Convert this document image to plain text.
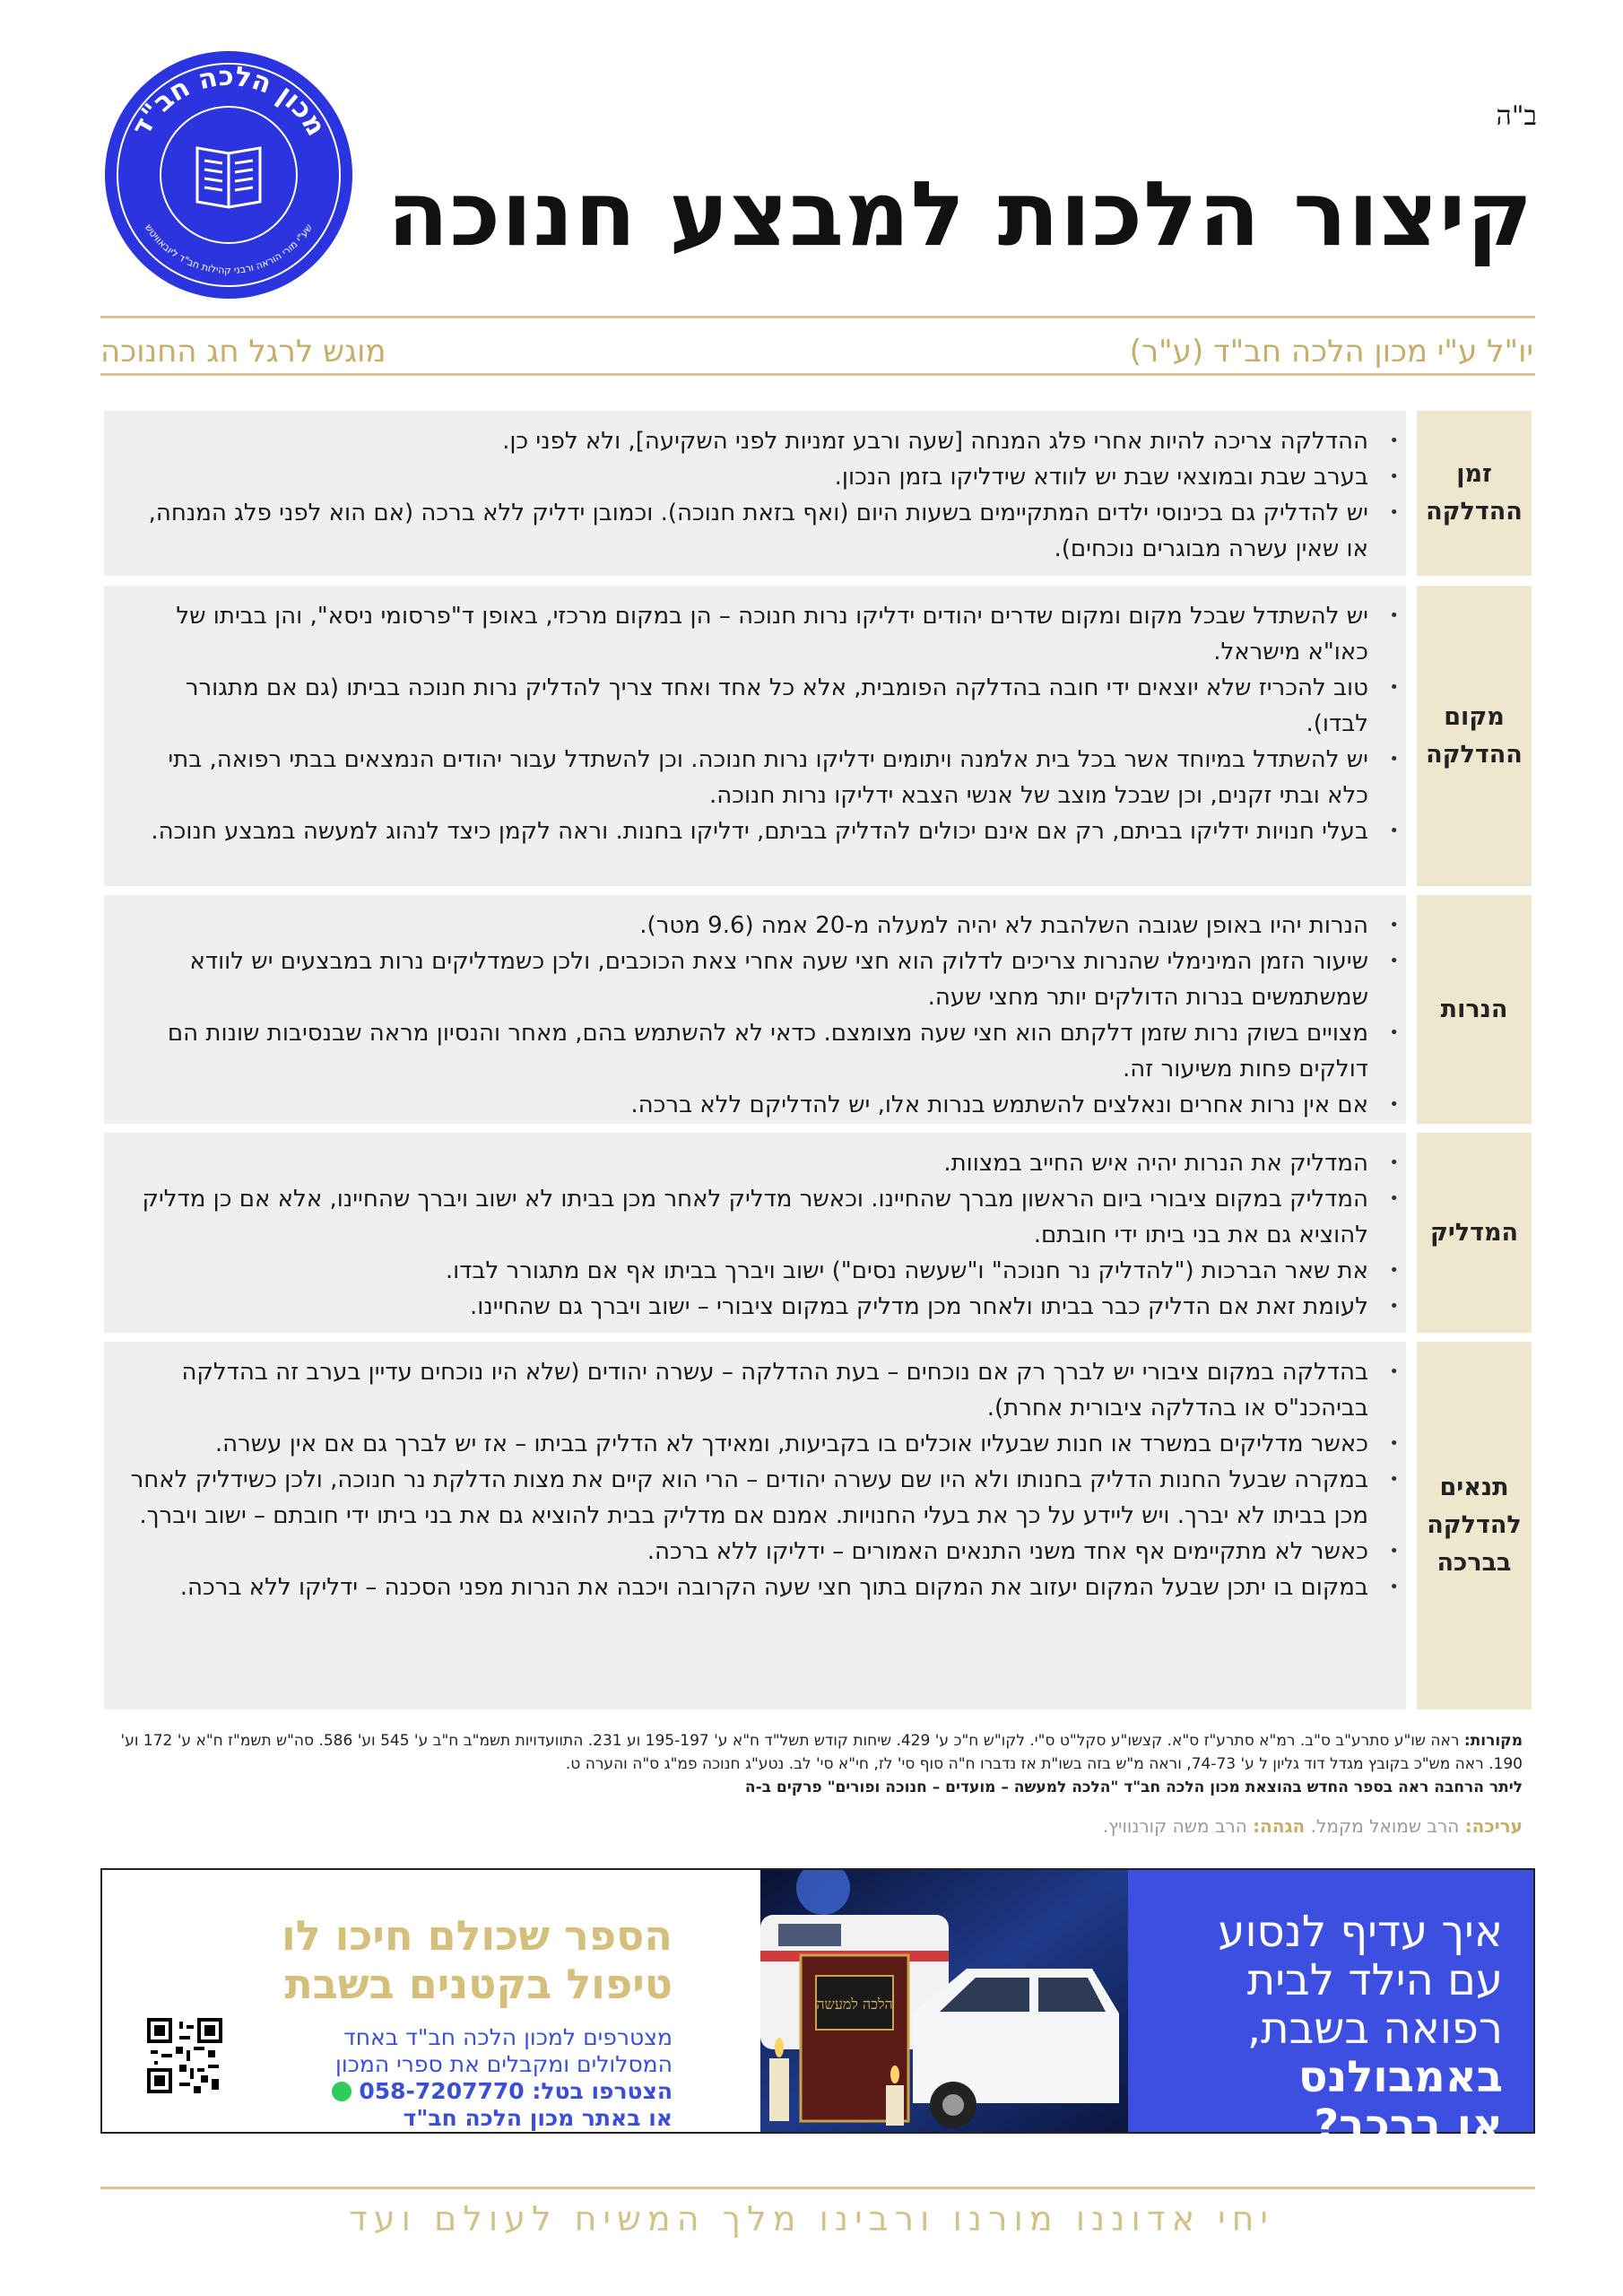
ב"ה
קיצור הלכות למבצע חנוכה
מכון הלכה חב"ד
שע"י מורי הוראה ורבני קהילות חב"ד ליובאוויטש
יו"ל ע"י מכון הלכה חב"ד (ע"ר)
מוגש לרגל חג החנוכה
זמן
ההדלקה
• ההדלקה צריכה להיות אחרי פלג המנחה [שעה ורבע זמניות לפני השקיעה], ולא לפני כן.
• בערב שבת ובמוצאי שבת יש לוודא שידליקו בזמן הנכון.
• יש להדליק גם בכינוסי ילדים המתקיימים בשעות היום (ואף בזאת חנוכה). וכמובן ידליק ללא ברכה (אם הוא לפני פלג המנחה, או שאין עשרה מבוגרים נוכחים).
מקום
ההדלקה
• יש להשתדל שבכל מקום ומקום שדרים יהודים ידליקו נרות חנוכה – הן במקום מרכזי, באופן ד"פרסומי ניסא", והן בביתו של כאו"א מישראל.
• טוב להכריז שלא יוצאים ידי חובה בהדלקה הפומבית, אלא כל אחד ואחד צריך להדליק נרות חנוכה בביתו (גם אם מתגורר לבדו).
• יש להשתדל במיוחד אשר בכל בית אלמנה ויתומים ידליקו נרות חנוכה. וכן להשתדל עבור יהודים הנמצאים בבתי רפואה, בתי כלא ובתי זקנים, וכן שבכל מוצב של אנשי הצבא ידליקו נרות חנוכה.
• בעלי חנויות ידליקו בביתם, רק אם אינם יכולים להדליק בביתם, ידליקו בחנות. וראה לקמן כיצד לנהוג למעשה במבצע חנוכה.
הנרות
• הנרות יהיו באופן שגובה השלהבת לא יהיה למעלה מ-20 אמה (9.6 מטר).
• שיעור הזמן המינימלי שהנרות צריכים לדלוק הוא חצי שעה אחרי צאת הכוכבים, ולכן כשמדליקים נרות במבצעים יש לוודא שמשתמשים בנרות הדולקים יותר מחצי שעה.
• מצויים בשוק נרות שזמן דלקתם הוא חצי שעה מצומצם. כדאי לא להשתמש בהם, מאחר והנסיון מראה שבנסיבות שונות הם דולקים פחות משיעור זה.
• אם אין נרות אחרים ונאלצים להשתמש בנרות אלו, יש להדליקם ללא ברכה.
המדליק
• המדליק את הנרות יהיה איש החייב במצוות.
• המדליק במקום ציבורי ביום הראשון מברך שהחיינו. וכאשר מדליק לאחר מכן בביתו לא ישוב ויברך שהחיינו, אלא אם כן מדליק להוציא גם את בני ביתו ידי חובתם.
• את שאר הברכות ("להדליק נר חנוכה" ו"שעשה נסים") ישוב ויברך בביתו אף אם מתגורר לבדו.
• לעומת זאת אם הדליק כבר בביתו ולאחר מכן מדליק במקום ציבורי – ישוב ויברך גם שהחיינו.
תנאים
להדלקה
בברכה
• בהדלקה במקום ציבורי יש לברך רק אם נוכחים – בעת ההדלקה – עשרה יהודים (שלא היו נוכחים עדיין בערב זה בהדלקה בביהכנ"ס או בהדלקה ציבורית אחרת).
• כאשר מדליקים במשרד או חנות שבעליו אוכלים בו בקביעות, ומאידך לא הדליק בביתו – אז יש לברך גם אם אין עשרה.
• במקרה שבעל החנות הדליק בחנותו ולא היו שם עשרה יהודים – הרי הוא קיים את מצות הדלקת נר חנוכה, ולכן כשידליק לאחר מכן בביתו לא יברך. ויש ליידע על כך את בעלי החנויות. אמנם אם מדליק בבית להוציא גם את בני ביתו ידי חובתם – ישוב ויברך.
• כאשר לא מתקיימים אף אחד משני התנאים האמורים – ידליקו ללא ברכה.
• במקום בו יתכן שבעל המקום יעזוב את המקום בתוך חצי שעה הקרובה ויכבה את הנרות מפני הסכנה – ידליקו ללא ברכה.
מקורות: ראה שו"ע סתרע"ב ס"ב. רמ"א סתרע"ז ס"א. קצשו"ע סקל"ט ס"י. לקו"ש ח"כ ע' 429. שיחות קודש תשל"ד ח"א ע' 195-197 וע 231. התוועדויות תשמ"ב ח"ב ע' 545 וע' 586. סה"ש תשמ"ז ח"א ע' 172 וע' 190. ראה מש"כ בקובץ מגדל דוד גליון ל ע' 74-73, וראה מ"ש בזה בשו"ת אז נדברו ח"ה סוף סי' לז, חי"א סי' לב. נטע"ג חנוכה פמ"ג ס"ה והערה ט.
ליתר הרחבה ראה בספר החדש בהוצאת מכון הלכה חב"ד "הלכה למעשה – מועדים – חנוכה ופורים" פרקים ב-ה
עריכה: הרב שמואל מקמל. הגהה: הרב משה קורנוויץ.
איך עדיף לנסוע
עם הילד לבית
רפואה בשבת,
באמבולנס
או ברכב?
הלכה למעשה
הספר שכולם חיכו לו
טיפול בקטנים בשבת
מצטרפים למכון הלכה חב"ד באחד
המסלולים ומקבלים את ספרי המכון
הצטרפו בטל: 058-7207770
או באתר מכון הלכה חב"ד
יחי אדוננו מורנו ורבינו מלך המשיח לעולם ועד
